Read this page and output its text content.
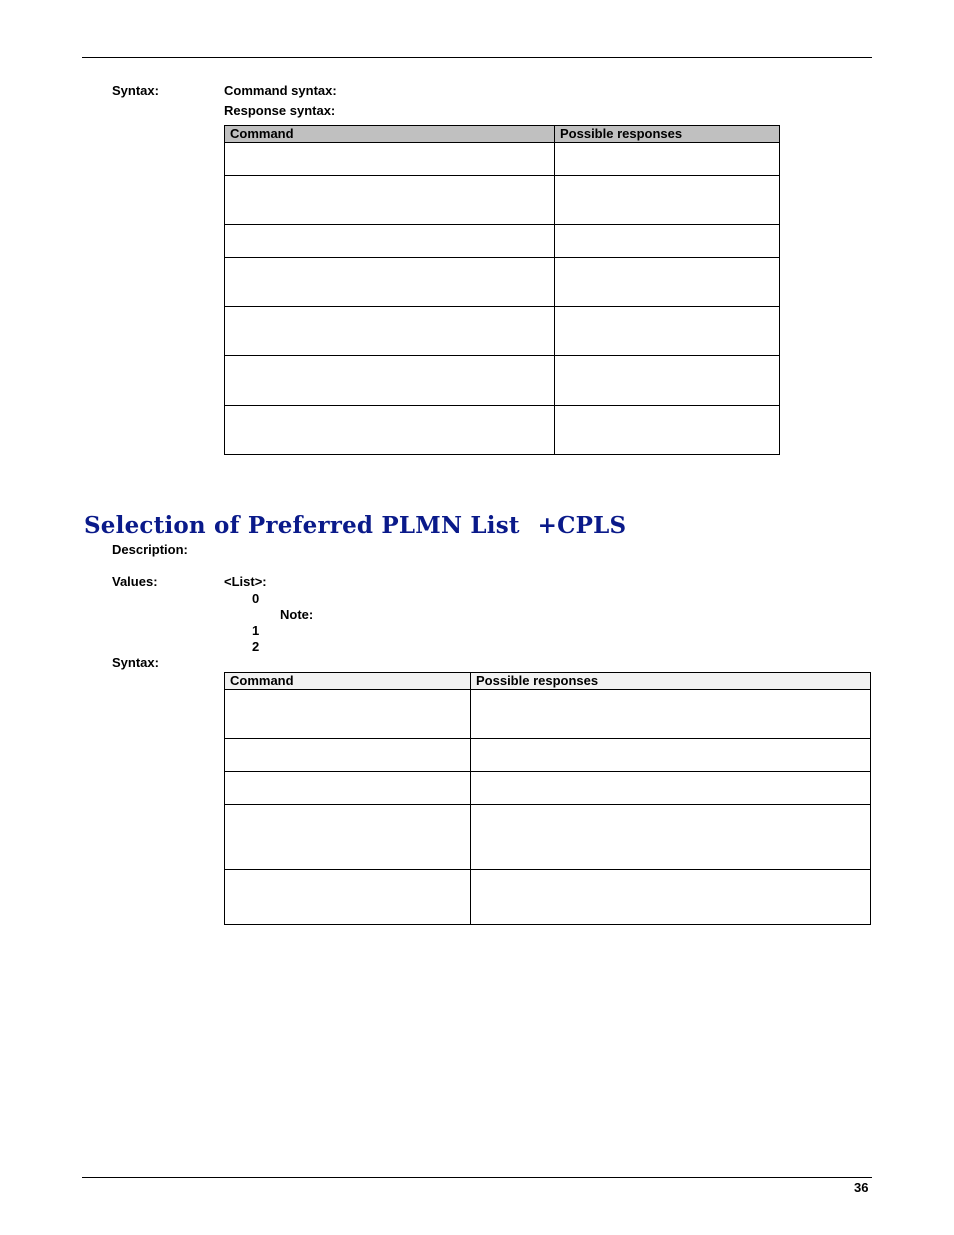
Syntax:	Command syntax:
Response syntax:
Command	Possible responses

Selection of Preferred PLMN List +CPLS
Description:
Values:	<List>:
0
Note:
1
2
Syntax:
Command	Possible responses

36
